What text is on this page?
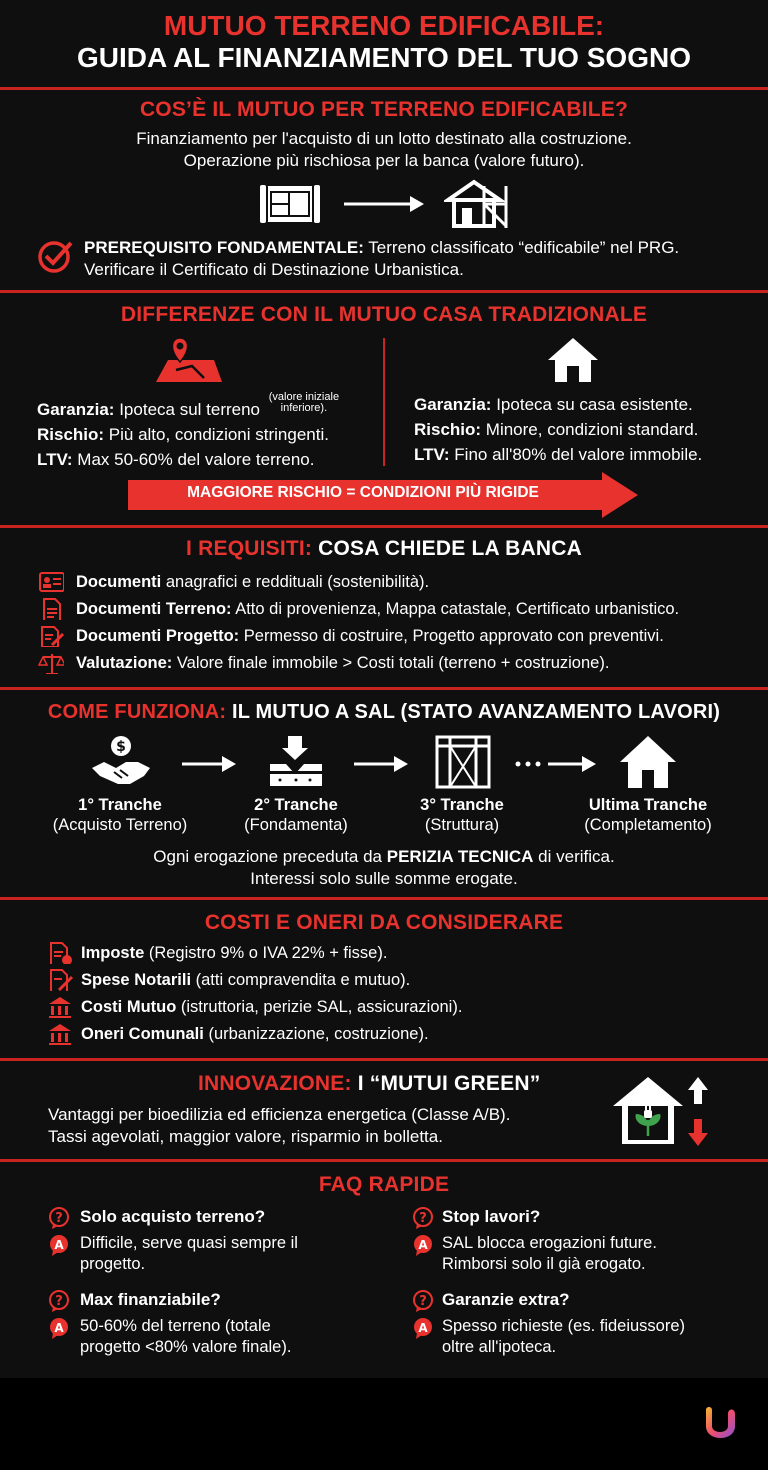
MUTUO TERRENO EDIFICABILE:
GUIDA AL FINANZIAMENTO DEL TUO SOGNO
COS’È IL MUTUO PER TERRENO EDIFICABILE?
Finanziamento per l'acquisto di un lotto destinato alla costruzione.
Operazione più rischiosa per la banca (valore futuro).
PREREQUISITO FONDAMENTALE: Terreno classificato “edificabile” nel PRG.
Verificare il Certificato di Destinazione Urbanistica.
DIFFERENZE CON IL MUTUO CASA TRADIZIONALE
Garanzia: Ipoteca sul terreno (valore iniziale
inferiore).
Rischio: Più alto, condizioni stringenti.
LTV: Max 50-60% del valore terreno.
Garanzia: Ipoteca su casa esistente.
Rischio: Minore, condizioni standard.
LTV: Fino all'80% del valore immobile.
MAGGIORE RISCHIO = CONDIZIONI PIÙ RIGIDE
I REQUISITI: COSA CHIEDE LA BANCA
Documenti anagrafici e reddituali (sostenibilità).
Documenti Terreno: Atto di provenienza, Mappa catastale, Certificato urbanistico.
Documenti Progetto: Permesso di costruire, Progetto approvato con preventivi.
Valutazione: Valore finale immobile > Costi totali (terreno + costruzione).
COME FUNZIONA: IL MUTUO A SAL (STATO AVANZAMENTO LAVORI)
$
1° Tranche
(Acquisto Terreno)
2° Tranche
(Fondamenta)
3° Tranche
(Struttura)
Ultima Tranche
(Completamento)
Ogni erogazione preceduta da PERIZIA TECNICA di verifica.
Interessi solo sulle somme erogate.
COSTI E ONERI DA CONSIDERARE
Imposte (Registro 9% o IVA 22% + fisse).
Spese Notarili (atti compravendita e mutuo).
Costi Mutuo (istruttoria, perizie SAL, assicurazioni).
Oneri Comunali (urbanizzazione, costruzione).
INNOVAZIONE: I “MUTUI GREEN”
Vantaggi per bioedilizia ed efficienza energetica (Classe A/B).
Tassi agevolati, maggior valore, risparmio in bolletta.
FAQ RAPIDE
? Solo acquisto terreno?
A Difficile, serve quasi sempre il
progetto.
? Stop lavori?
A SAL blocca erogazioni future.
Rimborsi solo il già erogato.
? Max finanziabile?
A 50-60% del terreno (totale
progetto <80% valore finale).
? Garanzie extra?
A Spesso richieste (es. fideiussore)
oltre all'ipoteca.
